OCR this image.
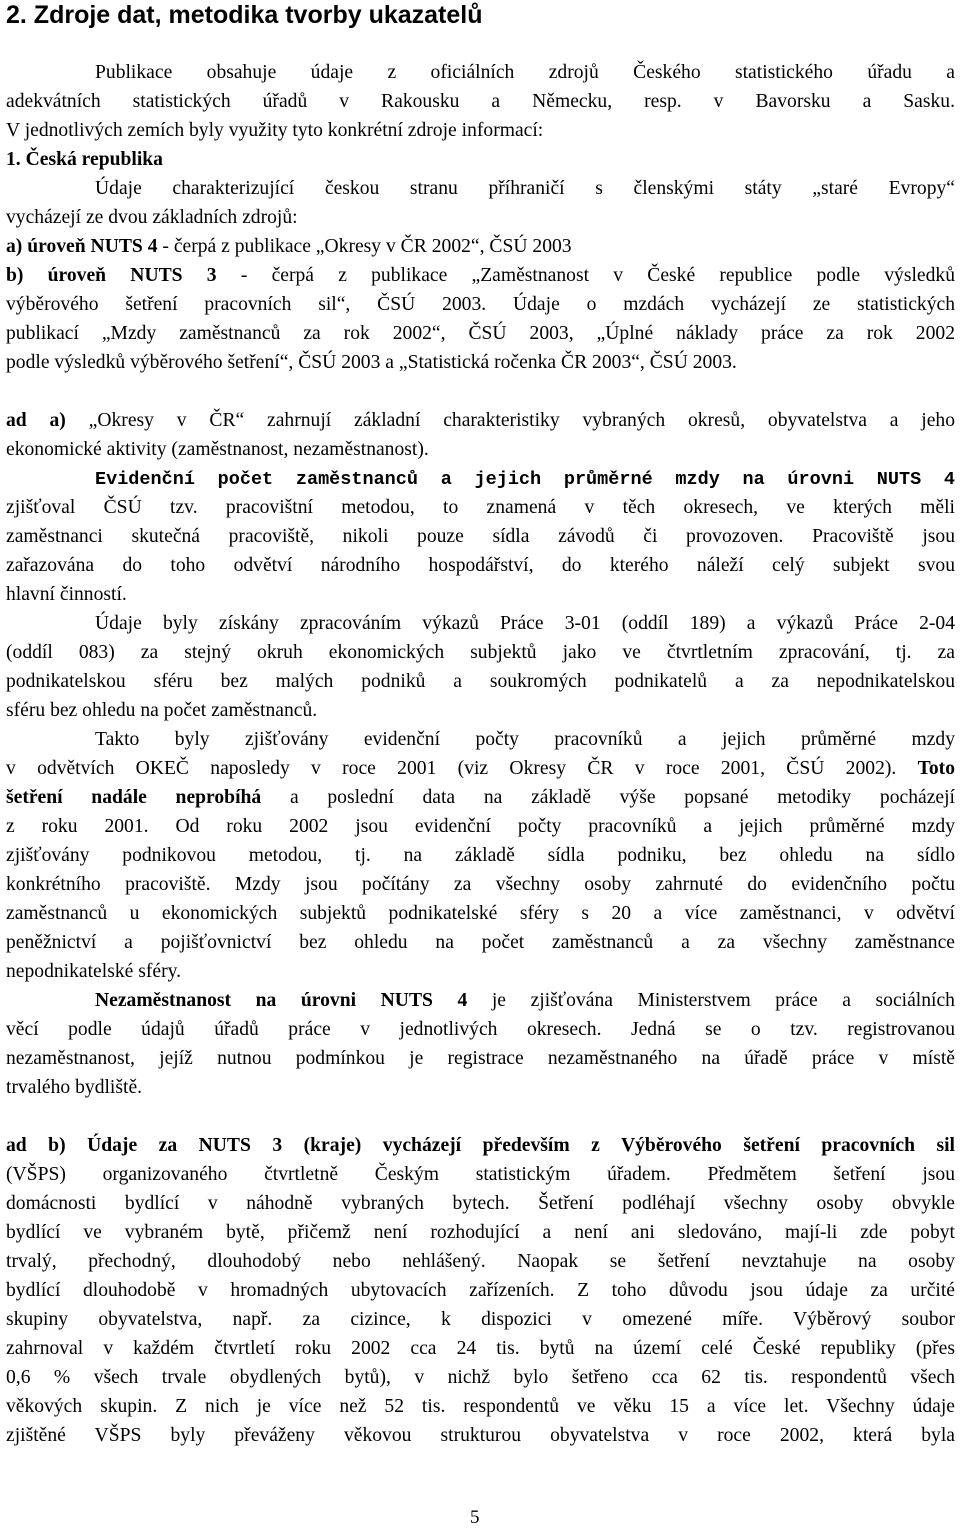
2. Zdroje dat, metodika tvorby ukazatelů
Publikace obsahuje údaje z oficiálních zdrojů Českého statistického úřadu a
adekvátních statistických úřadů v Rakousku a Německu, resp. v Bavorsku a Sasku.
V jednotlivých zemích byly využity tyto konkrétní zdroje informací:
1. Česká republika
Údaje charakterizující českou stranu příhraničí s členskými státy „staré Evropy“
vycházejí ze dvou základních zdrojů:
a) úroveň NUTS 4 - čerpá z publikace „Okresy v ČR 2002“, ČSÚ 2003
b) úroveň NUTS 3 - čerpá z publikace „Zaměstnanost v České republice podle výsledků
výběrového šetření pracovních sil“, ČSÚ 2003. Údaje o mzdách vycházejí ze statistických
publikací „Mzdy zaměstnanců za rok 2002“, ČSÚ 2003, „Úplné náklady práce za rok 2002
podle výsledků výběrového šetření“, ČSÚ 2003 a „Statistická ročenka ČR 2003“, ČSÚ 2003.
ad a) „Okresy v ČR“ zahrnují základní charakteristiky vybraných okresů, obyvatelstva a jeho
ekonomické aktivity (zaměstnanost, nezaměstnanost).
Evidenční počet zaměstnanců a jejich průměrné mzdy na úrovni NUTS 4
zjišťoval ČSÚ tzv. pracovištní metodou, to znamená v těch okresech, ve kterých měli
zaměstnanci skutečná pracoviště, nikoli pouze sídla závodů či provozoven. Pracoviště jsou
zařazována do toho odvětví národního hospodářství, do kterého náleží celý subjekt svou
hlavní činností.
Údaje byly získány zpracováním výkazů Práce 3-01 (oddíl 189) a výkazů Práce 2-04
(oddíl 083) za stejný okruh ekonomických subjektů jako ve čtvrtletním zpracování, tj. za
podnikatelskou sféru bez malých podniků a soukromých podnikatelů a za nepodnikatelskou
sféru bez ohledu na počet zaměstnanců.
Takto byly zjišťovány evidenční počty pracovníků a jejich průměrné mzdy
v odvětvích OKEČ naposledy v roce 2001 (viz Okresy ČR v roce 2001, ČSÚ 2002). Toto
šetření nadále neprobíhá a poslední data na základě výše popsané metodiky pocházejí
z roku 2001. Od roku 2002 jsou evidenční počty pracovníků a jejich průměrné mzdy
zjišťovány podnikovou metodou, tj. na základě sídla podniku, bez ohledu na sídlo
konkrétního pracoviště. Mzdy jsou počítány za všechny osoby zahrnuté do evidenčního počtu
zaměstnanců u ekonomických subjektů podnikatelské sféry s 20 a více zaměstnanci, v odvětví
peněžnictví a pojišťovnictví bez ohledu na počet zaměstnanců a za všechny zaměstnance
nepodnikatelské sféry.
Nezaměstnanost na úrovni NUTS 4 je zjišťována Ministerstvem práce a sociálních
věcí podle údajů úřadů práce v jednotlivých okresech. Jedná se o tzv. registrovanou
nezaměstnanost, jejíž nutnou podmínkou je registrace nezaměstnaného na úřadě práce v místě
trvalého bydliště.
ad b) Údaje za NUTS 3 (kraje) vycházejí především z Výběrového šetření pracovních sil
(VŠPS) organizovaného čtvrtletně Českým statistickým úřadem. Předmětem šetření jsou
domácnosti bydlící v náhodně vybraných bytech. Šetření podléhají všechny osoby obvykle
bydlící ve vybraném bytě, přičemž není rozhodující a není ani sledováno, mají-li zde pobyt
trvalý, přechodný, dlouhodobý nebo nehlášený. Naopak se šetření nevztahuje na osoby
bydlící dlouhodobě v hromadných ubytovacích zařízeních. Z toho důvodu jsou údaje za určité
skupiny obyvatelstva, např. za cizince, k dispozici v omezené míře. Výběrový soubor
zahrnoval v každém čtvrtletí roku 2002 cca 24 tis. bytů na území celé České republiky (přes
0,6 % všech trvale obydlených bytů), v nichž bylo šetřeno cca 62 tis. respondentů všech
věkových skupin. Z nich je více než 52 tis. respondentů ve věku 15 a více let. Všechny údaje
zjištěné VŠPS byly převáženy věkovou strukturou obyvatelstva v roce 2002, která byla
5
